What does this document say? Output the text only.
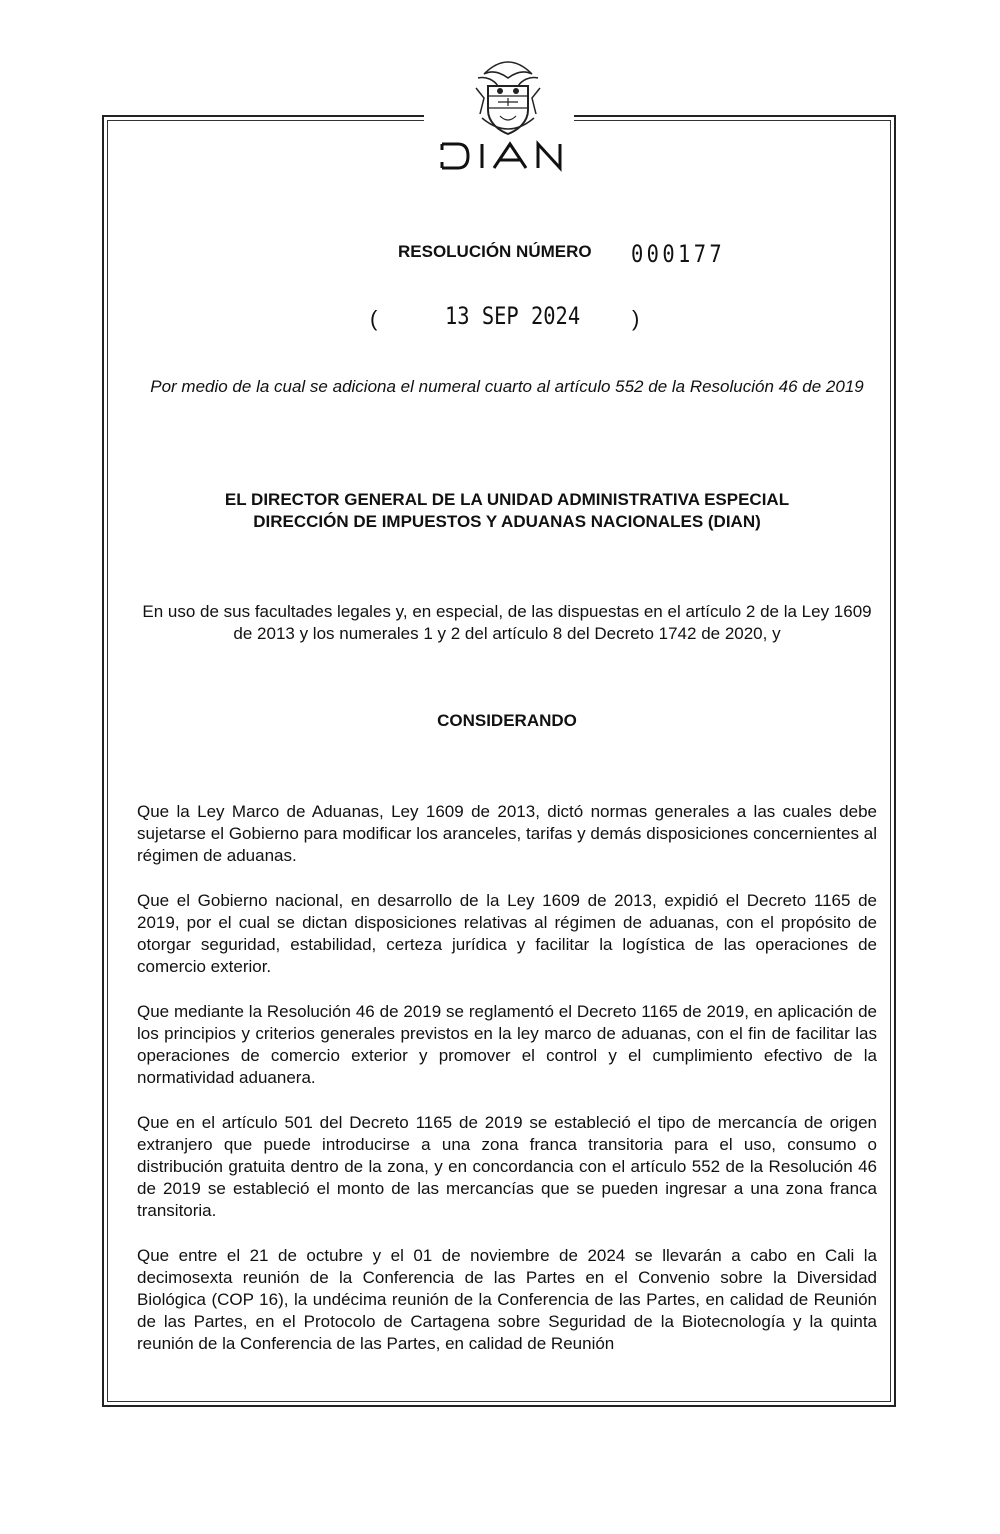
RESOLUCIÓN NÚMERO 000177
(	13 SEP 2024 )
Por medio de la cual se adiciona el numeral cuarto al artículo 552 de la Resolución 46 de 2019
EL DIRECTOR GENERAL DE LA UNIDAD ADMINISTRATIVA ESPECIAL
DIRECCIÓN DE IMPUESTOS Y ADUANAS NACIONALES (DIAN)
En uso de sus facultades legales y, en especial, de las dispuestas en el artículo 2 de la Ley 1609 de 2013 y los numerales 1 y 2 del artículo 8 del Decreto 1742 de 2020, y
CONSIDERANDO
Que la Ley Marco de Aduanas, Ley 1609 de 2013, dictó normas generales a las cuales debe sujetarse el Gobierno para modificar los aranceles, tarifas y demás disposiciones concernientes al régimen de aduanas.
Que el Gobierno nacional, en desarrollo de la Ley 1609 de 2013, expidió el Decreto 1165 de 2019, por el cual se dictan disposiciones relativas al régimen de aduanas, con el propósito de otorgar seguridad, estabilidad, certeza jurídica y facilitar la logística de las operaciones de comercio exterior.
Que mediante la Resolución 46 de 2019 se reglamentó el Decreto 1165 de 2019, en aplicación de los principios y criterios generales previstos en la ley marco de aduanas, con el fin de facilitar las operaciones de comercio exterior y promover el control y el cumplimiento efectivo de la normatividad aduanera.
Que en el artículo 501 del Decreto 1165 de 2019 se estableció el tipo de mercancía de origen extranjero que puede introducirse a una zona franca transitoria para el uso, consumo o distribución gratuita dentro de la zona, y en concordancia con el artículo 552 de la Resolución 46 de 2019 se estableció el monto de las mercancías que se pueden ingresar a una zona franca transitoria.
Que entre el 21 de octubre y el 01 de noviembre de 2024 se llevarán a cabo en Cali la decimosexta reunión de la Conferencia de las Partes en el Convenio sobre la Diversidad Biológica (COP 16), la undécima reunión de la Conferencia de las Partes, en calidad de Reunión de las Partes, en el Protocolo de Cartagena sobre Seguridad de la Biotecnología y la quinta reunión de la Conferencia de las Partes, en calidad de Reunión
